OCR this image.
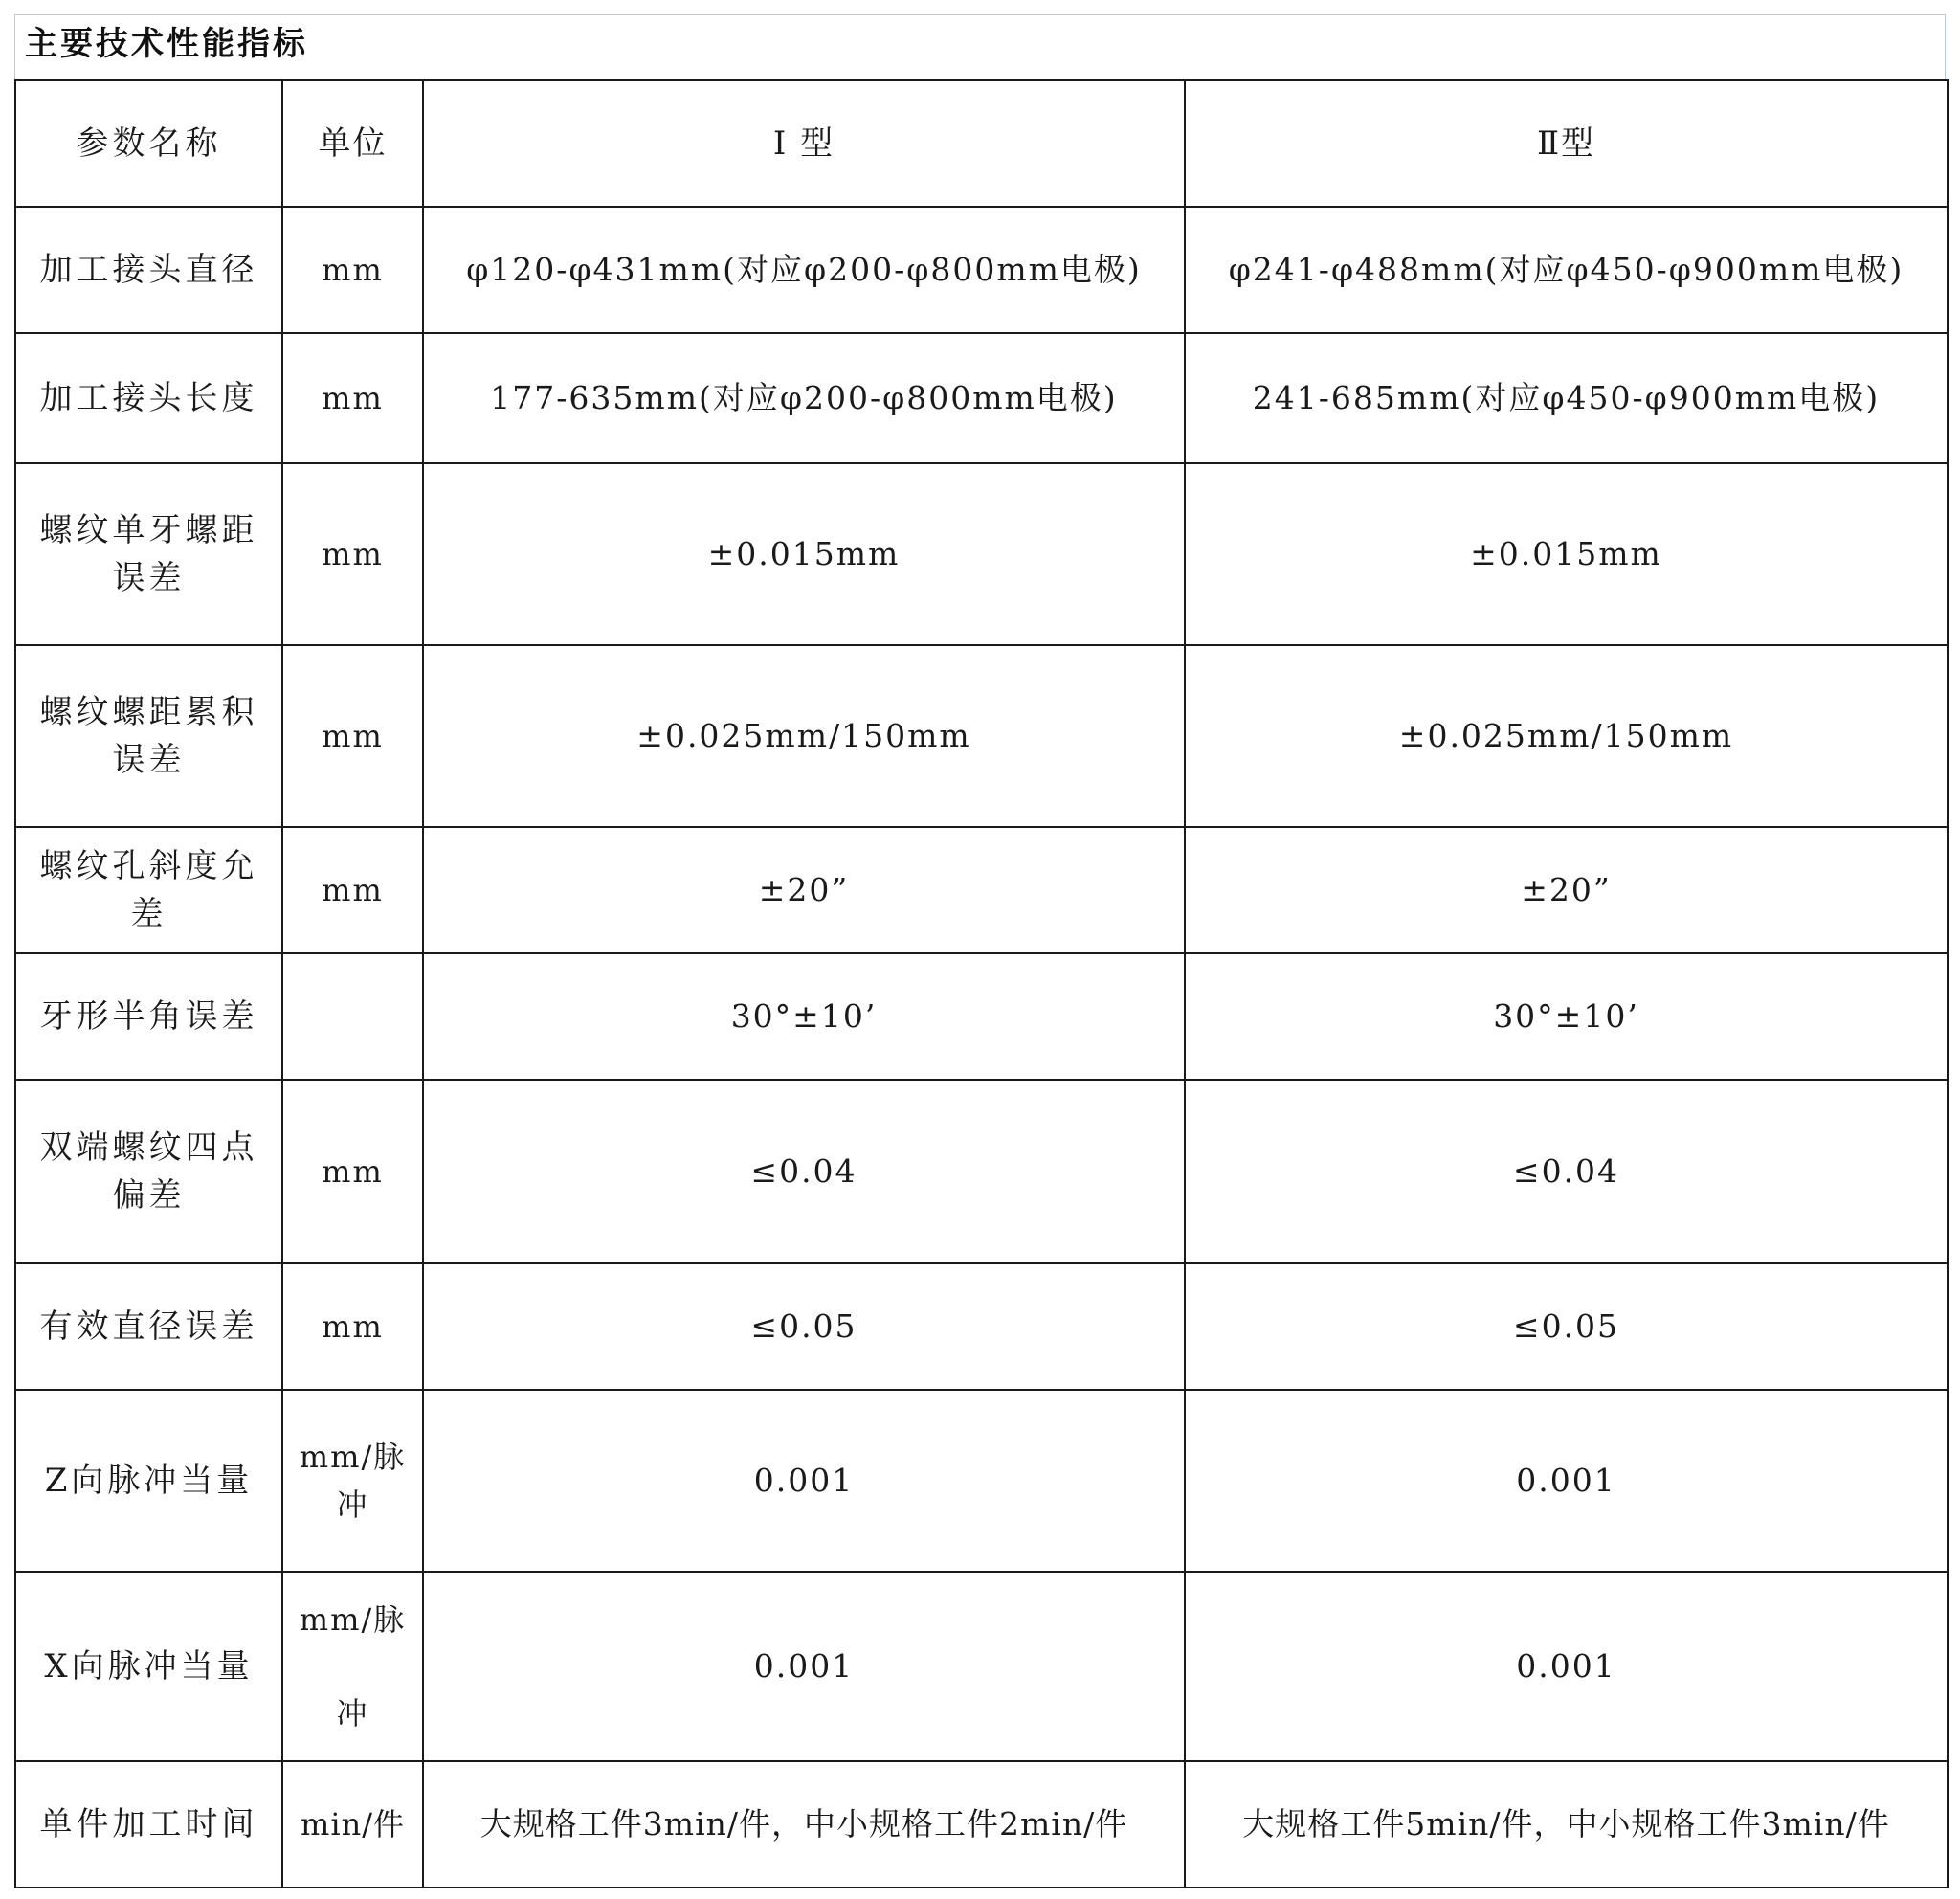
主要技术性能指标
参数名称	单位	Ⅰ 型	Ⅱ型
加工接头直径	mm	φ120-φ431mm(对应φ200-φ800mm电极)	φ241-φ488mm(对应φ450-φ900mm电极)
加工接头长度	mm	177-635mm(对应φ200-φ800mm电极)	241-685mm(对应φ450-φ900mm电极)
螺纹单牙螺距误差	mm	±0.015mm	±0.015mm
螺纹螺距累积误差	mm	±0.025mm/150mm	±0.025mm/150mm
螺纹孔斜度允差	mm	±20”	±20”
牙形半角误差		30°±10’	30°±10’
双端螺纹四点偏差	mm	≤0.04	≤0.04
有效直径误差	mm	≤0.05	≤0.05
Z向脉冲当量	mm/脉冲	0.001	0.001
X向脉冲当量	mm/脉冲	0.001	0.001
单件加工时间	min/件	大规格工件3min/件，中小规格工件2min/件	大规格工件5min/件，中小规格工件3min/件
